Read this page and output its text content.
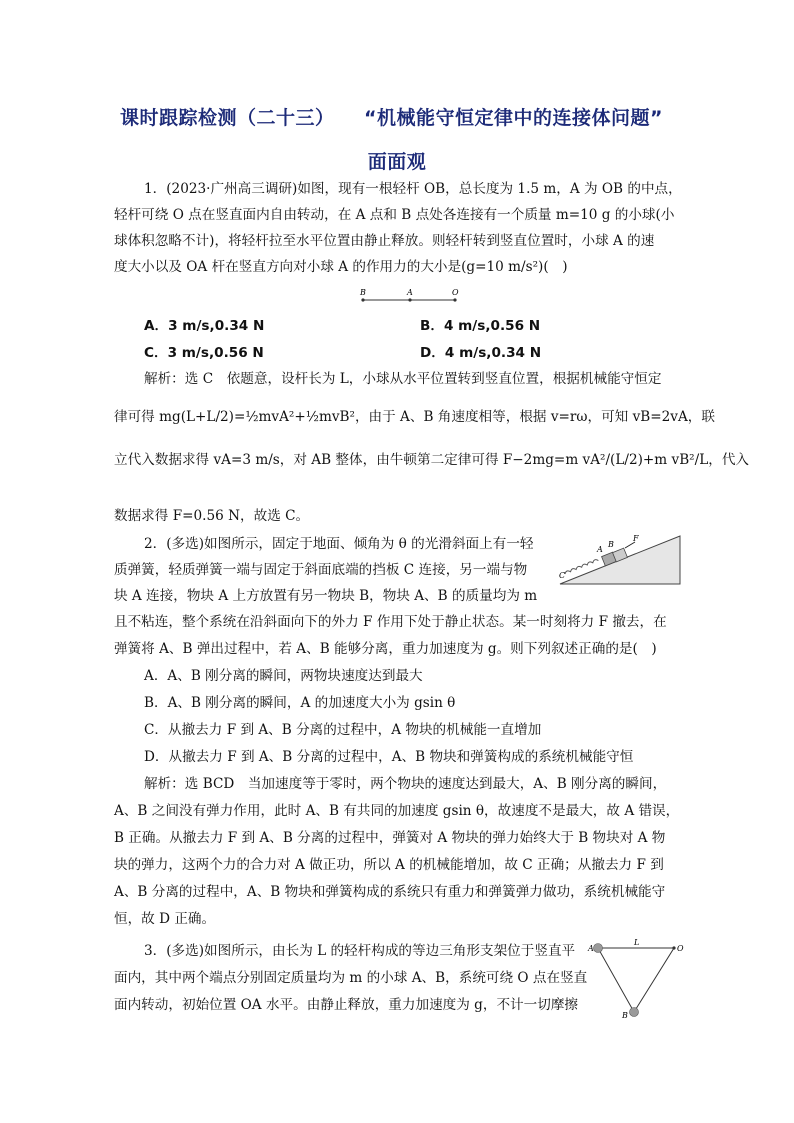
课时跟踪检测（二十三）　　“机械能守恒定律中的连接体问题”
面面观
1．(2023·广州高三调研)如图，现有一根轻杆 OB，总长度为 1.5 m，A 为 OB 的中点，
轻杆可绕 O 点在竖直面内自由转动，在 A 点和 B 点处各连接有一个质量 m=10 g 的小球(小
球体积忽略不计)，将轻杆拉至水平位置由静止释放。则轻杆转到竖直位置时，小球 A 的速
度大小以及 OA 杆在竖直方向对小球 A 的作用力的大小是(g=10 m/s²)(　)
B	A	O
A．3 m/s,0.34 N	B．4 m/s,0.56 N
C．3 m/s,0.56 N	D．4 m/s,0.34 N
解析：选 C　依题意，设杆长为 L，小球从水平位置转到竖直位置，根据机械能守恒定
律可得 mg(L+L/2)=½mvA²+½mvB²，由于 A、B 角速度相等，根据 v=rω，可知 vB=2vA，联
立代入数据求得 vA=3 m/s，对 AB 整体，由牛顿第二定律可得 F−2mg=m vA²/(L/2)+m vB²/L，代入
数据求得 F=0.56 N，故选 C。
2．(多选)如图所示，固定于地面、倾角为 θ 的光滑斜面上有一轻
质弹簧，轻质弹簧一端与固定于斜面底端的挡板 C 连接，另一端与物
块 A 连接，物块 A 上方放置有另一物块 B，物块 A、B 的质量均为 m
且不粘连，整个系统在沿斜面向下的外力 F 作用下处于静止状态。某一时刻将力 F 撤去，在
弹簧将 A、B 弹出过程中，若 A、B 能够分离，重力加速度为 g。则下列叙述正确的是(　)
A
B
F
C
A．A、B 刚分离的瞬间，两物块速度达到最大
B．A、B 刚分离的瞬间，A 的加速度大小为 gsin θ
C．从撤去力 F 到 A、B 分离的过程中，A 物块的机械能一直增加
D．从撤去力 F 到 A、B 分离的过程中，A、B 物块和弹簧构成的系统机械能守恒
解析：选 BCD　当加速度等于零时，两个物块的速度达到最大，A、B 刚分离的瞬间，
A、B 之间没有弹力作用，此时 A、B 有共同的加速度 gsin θ，故速度不是最大，故 A 错误，
B 正确。从撤去力 F 到 A、B 分离的过程中，弹簧对 A 物块的弹力始终大于 B 物块对 A 物
块的弹力，这两个力的合力对 A 做正功，所以 A 的机械能增加，故 C 正确；从撤去力 F 到
A、B 分离的过程中，A、B 物块和弹簧构成的系统只有重力和弹簧弹力做功，系统机械能守
恒，故 D 正确。
3．(多选)如图所示，由长为 L 的轻杆构成的等边三角形支架位于竖直平
面内，其中两个端点分别固定质量均为 m 的小球 A、B，系统可绕 O 点在竖直
面内转动，初始位置 OA 水平。由静止释放，重力加速度为 g，不计一切摩擦
A
L
O
B
